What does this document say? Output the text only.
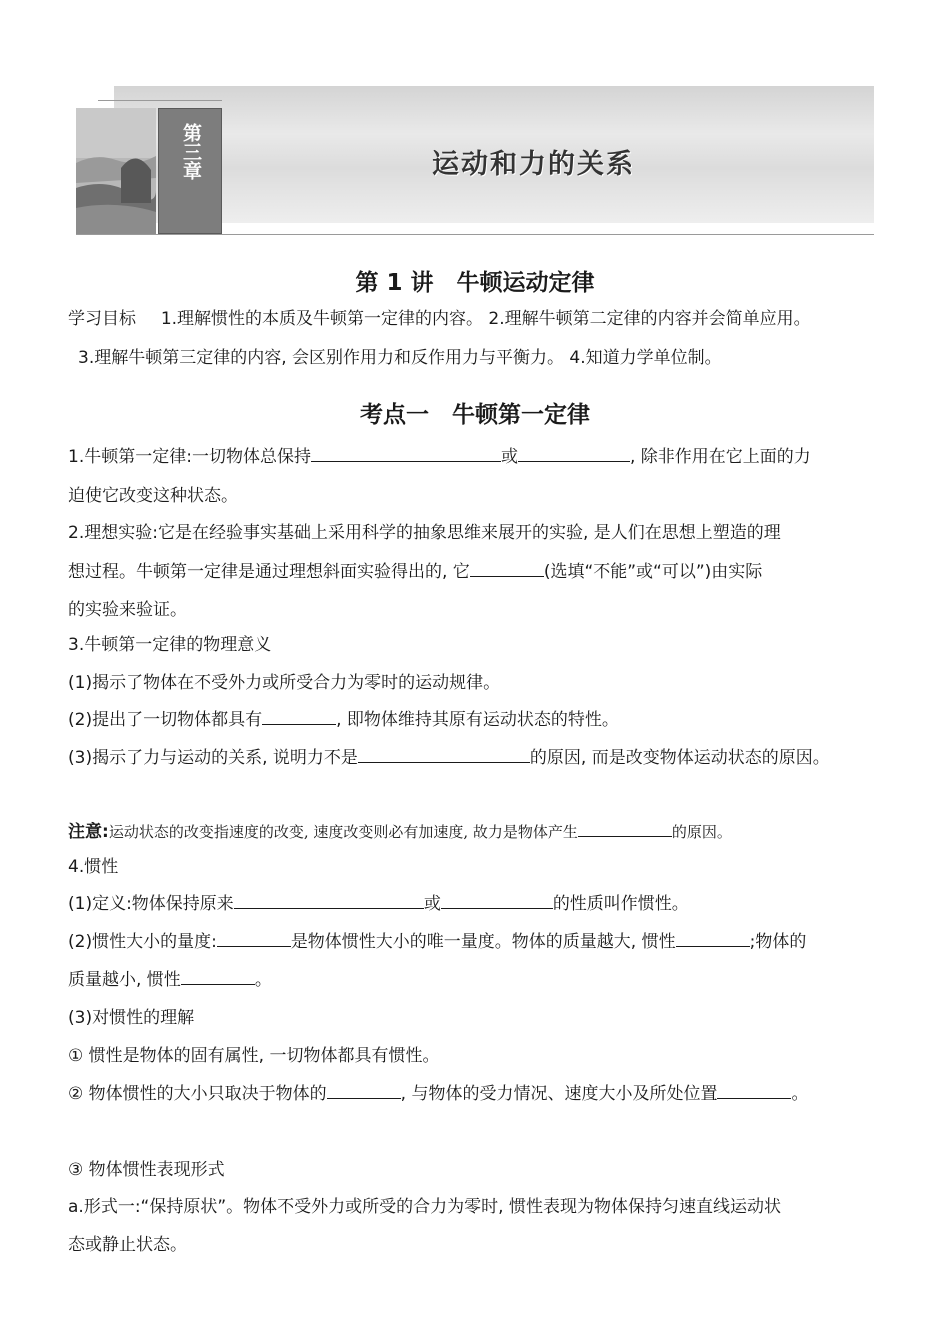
第三章	运动和力的关系
第 1 讲　牛顿运动定律
学习目标 1.理解惯性的本质及牛顿第一定律的内容。 2.理解牛顿第二定律的内容并会简单应用。
3.理解牛顿第三定律的内容, 会区别作用力和反作用力与平衡力。 4.知道力学单位制。
考点一　牛顿第一定律
1.牛顿第一定律:一切物体总保持	或	, 除非作用在它上面的力
迫使它改变这种状态。
2.理想实验:它是在经验事实基础上采用科学的抽象思维来展开的实验, 是人们在思想上塑造的理
想过程。牛顿第一定律是通过理想斜面实验得出的, 它	(选填“不能”或“可以”)由实际
的实验来验证。
3.牛顿第一定律的物理意义
(1)揭示了物体在不受外力或所受合力为零时的运动规律。
(2)提出了一切物体都具有	, 即物体维持其原有运动状态的特性。
(3)揭示了力与运动的关系, 说明力不是	的原因, 而是改变物体运动状态的原因。
注意:运动状态的改变指速度的改变, 速度改变则必有加速度, 故力是物体产生	的原因。
4.惯性
(1)定义:物体保持原来	或	的性质叫作惯性。
(2)惯性大小的量度:	是物体惯性大小的唯一量度。物体的质量越大, 惯性	;物体的
质量越小, 惯性	。
(3)对惯性的理解
① 惯性是物体的固有属性, 一切物体都具有惯性。
② 物体惯性的大小只取决于物体的	, 与物体的受力情况、速度大小及所处位置	。
③ 物体惯性表现形式
a.形式一:“保持原状”。物体不受外力或所受的合力为零时, 惯性表现为物体保持匀速直线运动状
态或静止状态。
